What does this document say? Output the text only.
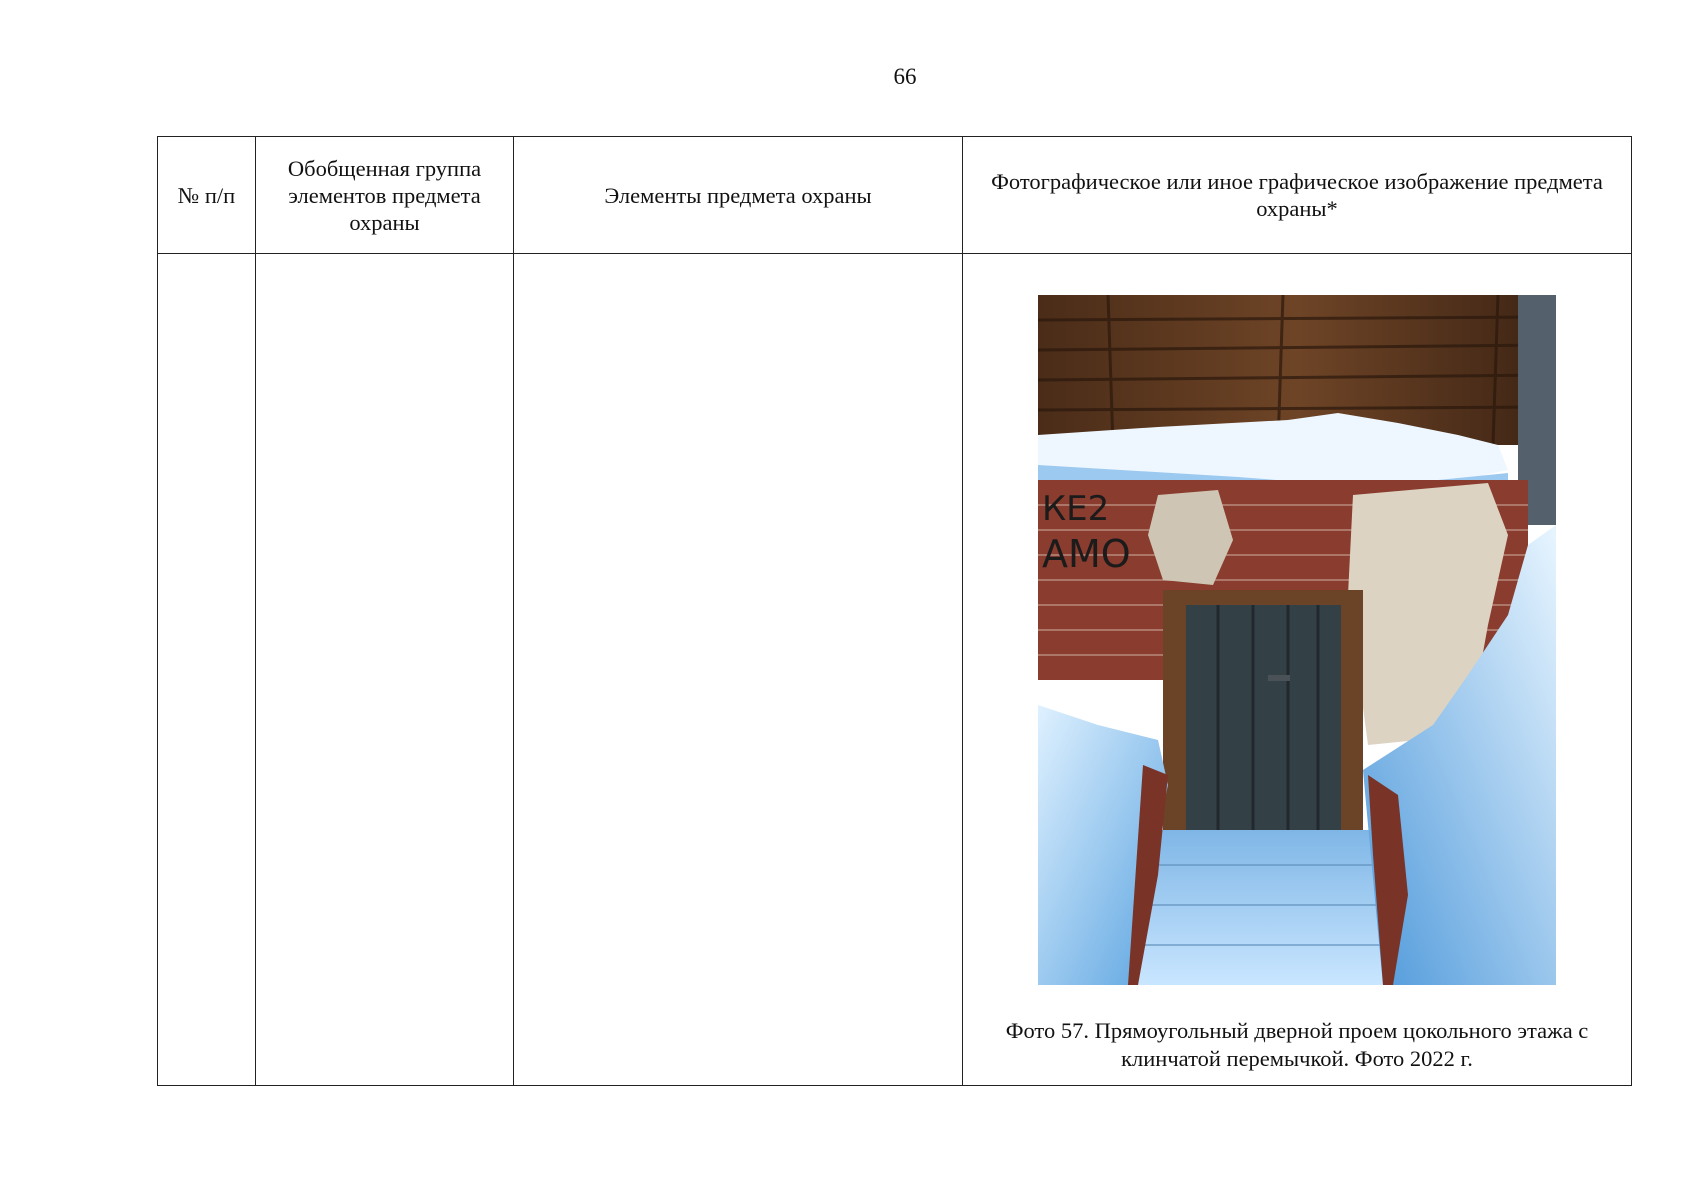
66
№ п/п	Обобщенная группа элементов предмета охраны	Элементы предмета охраны	Фотографическое или иное графическое изображение предмета охраны*

КЕ2
АМО
Фото 57. Прямоугольный дверной проем цокольного этажа с клинчатой перемычкой. Фото 2022 г.
